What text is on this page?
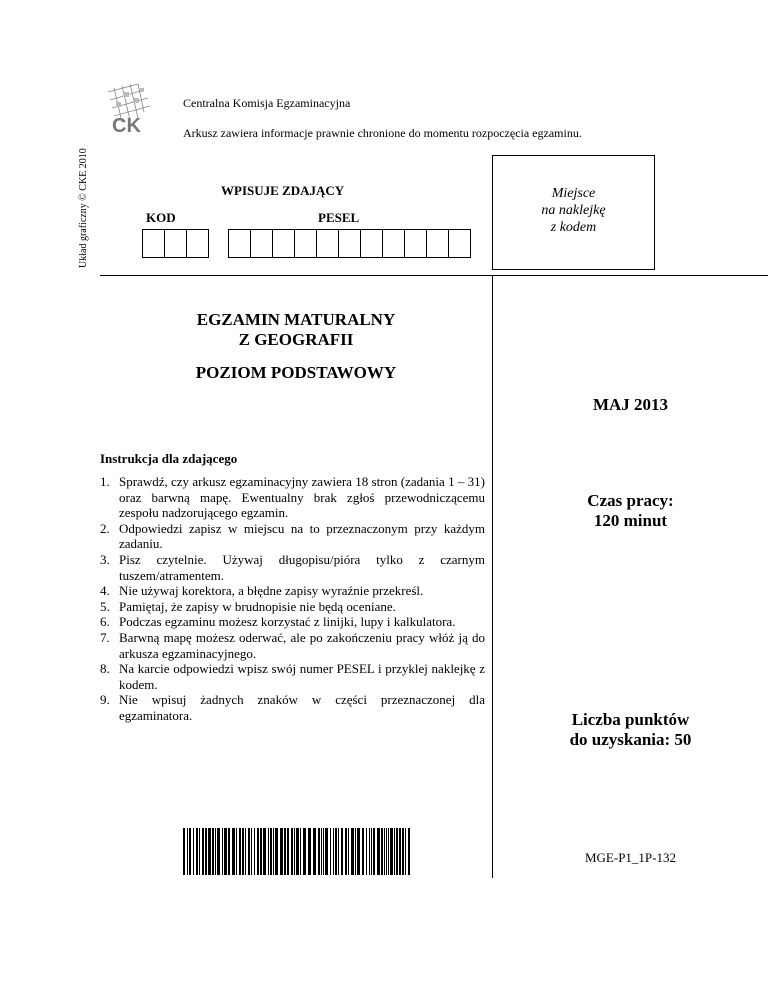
CK
Układ graficzny © CKE 2010
Centralna Komisja Egzaminacyjna
Arkusz zawiera informacje prawnie chronione do momentu rozpoczęcia egzaminu.
WPISUJE ZDAJĄCY
KOD	PESEL
Miejsce
na naklejkę
z kodem
EGZAMIN MATURALNY
Z GEOGRAFII
POZIOM PODSTAWOWY
MAJ 2013
Czas pracy:
120 minut
Liczba punktów
do uzyskania: 50
MGE-P1_1P-132
Instrukcja dla zdającego
1. Sprawdź, czy arkusz egzaminacyjny zawiera 18 stron (zadania 1 – 31) oraz barwną mapę. Ewentualny brak zgłoś przewodniczącemu zespołu nadzorującego egzamin.
2. Odpowiedzi zapisz w miejscu na to przeznaczonym przy każdym zadaniu.
3. Pisz czytelnie. Używaj długopisu/pióra tylko z czarnym tuszem/atramentem.
4. Nie używaj korektora, a błędne zapisy wyraźnie przekreśl.
5. Pamiętaj, że zapisy w brudnopisie nie będą oceniane.
6. Podczas egzaminu możesz korzystać z linijki, lupy i kalkulatora.
7. Barwną mapę możesz oderwać, ale po zakończeniu pracy włóż ją do arkusza egzaminacyjnego.
8. Na karcie odpowiedzi wpisz swój numer PESEL i przyklej naklejkę z kodem.
9. Nie wpisuj żadnych znaków w części przeznaczonej dla egzaminatora.
